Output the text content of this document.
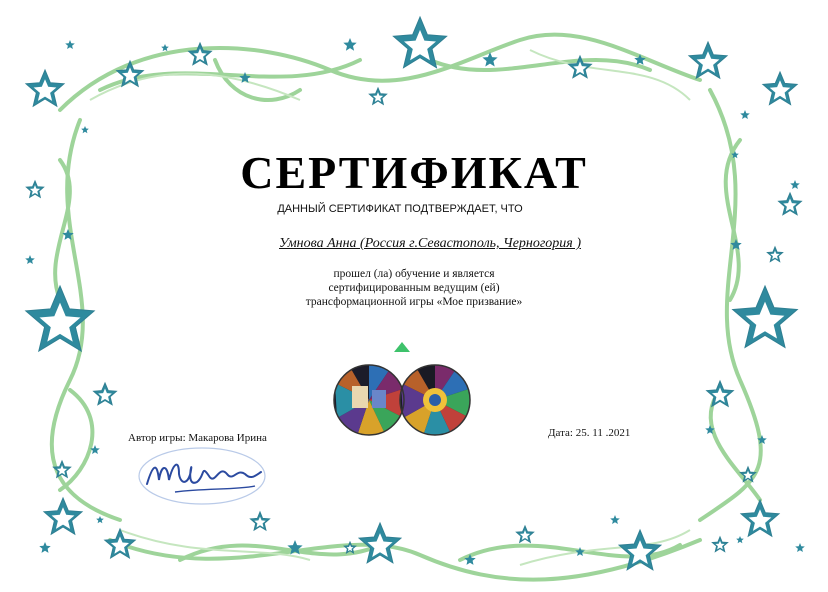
СЕРТИФИКАТ
ДАННЫЙ СЕРТИФИКАТ ПОДТВЕРЖДАЕТ, ЧТО
Умнова Анна (Россия г.Севастополь, Черногория )
прошел (ла) обучение и является
сертифицированным ведущим (ей)
трансформационной игры «Мое призвание»
Автор игры: Макарова Ирина	Дата: 25. 11 .2021
